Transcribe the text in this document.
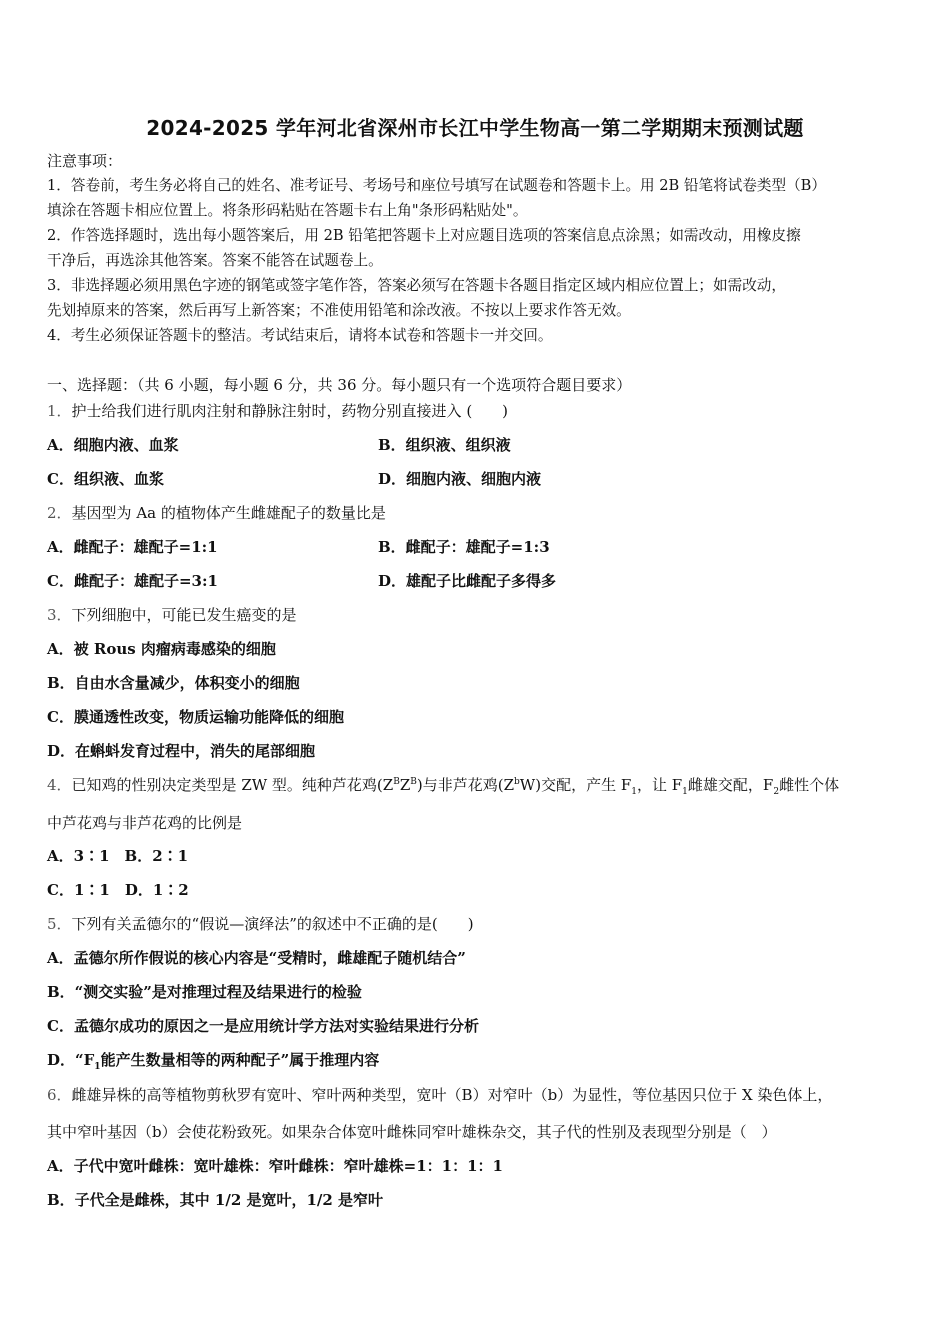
2024-2025 学年河北省深州市长江中学生物高一第二学期期末预测试题
注意事项：
1．答卷前，考生务必将自己的姓名、准考证号、考场号和座位号填写在试题卷和答题卡上。用 2B 铅笔将试卷类型（B）
填涂在答题卡相应位置上。将条形码粘贴在答题卡右上角"条形码粘贴处"。
2．作答选择题时，选出每小题答案后，用 2B 铅笔把答题卡上对应题目选项的答案信息点涂黑；如需改动，用橡皮擦
干净后，再选涂其他答案。答案不能答在试题卷上。
3．非选择题必须用黑色字迹的钢笔或签字笔作答，答案必须写在答题卡各题目指定区域内相应位置上；如需改动，
先划掉原来的答案，然后再写上新答案；不准使用铅笔和涂改液。不按以上要求作答无效。
4．考生必须保证答题卡的整洁。考试结束后，请将本试卷和答题卡一并交回。
一、选择题：（共 6 小题，每小题 6 分，共 36 分。每小题只有一个选项符合题目要求）
1．护士给我们进行肌肉注射和静脉注射时，药物分别直接进入 (　　)
A．细胞内液、血浆	B．组织液、组织液
C．组织液、血浆	D．细胞内液、细胞内液
2．基因型为 Aa 的植物体产生雌雄配子的数量比是
A．雌配子：雄配子=1:1	B．雌配子：雄配子=1:3
C．雌配子：雄配子=3:1	D．雄配子比雌配子多得多
3．下列细胞中，可能已发生癌变的是
A．被 Rous 肉瘤病毒感染的细胞
B．自由水含量减少，体积变小的细胞
C．膜通透性改变，物质运输功能降低的细胞
D．在蝌蚪发育过程中，消失的尾部细胞
4．已知鸡的性别决定类型是 ZW 型。纯种芦花鸡$(Z^BZ^B)$与非芦花鸡$(Z^bW)$交配，产生 $F_1$，让 $F_1$雌雄交配，$F_2$雌性个体
中芦花鸡与非芦花鸡的比例是
A．3∶1　B．2∶1
C．1∶1　D．1∶2
5．下列有关孟德尔的“假说—演绎法”的叙述中不正确的是(　　)
A．孟德尔所作假说的核心内容是“受精时，雌雄配子随机结合”
B．“测交实验”是对推理过程及结果进行的检验
C．孟德尔成功的原因之一是应用统计学方法对实验结果进行分析
D．“$F_1$能产生数量相等的两种配子”属于推理内容
6．雌雄异株的高等植物剪秋罗有宽叶、窄叶两种类型，宽叶（B）对窄叶（b）为显性，等位基因只位于 X 染色体上，
其中窄叶基因（b）会使花粉致死。如果杂合体宽叶雌株同窄叶雄株杂交，其子代的性别及表现型分别是（　）
A．子代中宽叶雌株：宽叶雄株：窄叶雌株：窄叶雄株=1：1：1：1
B．子代全是雌株，其中 1/2 是宽叶，1/2 是窄叶
